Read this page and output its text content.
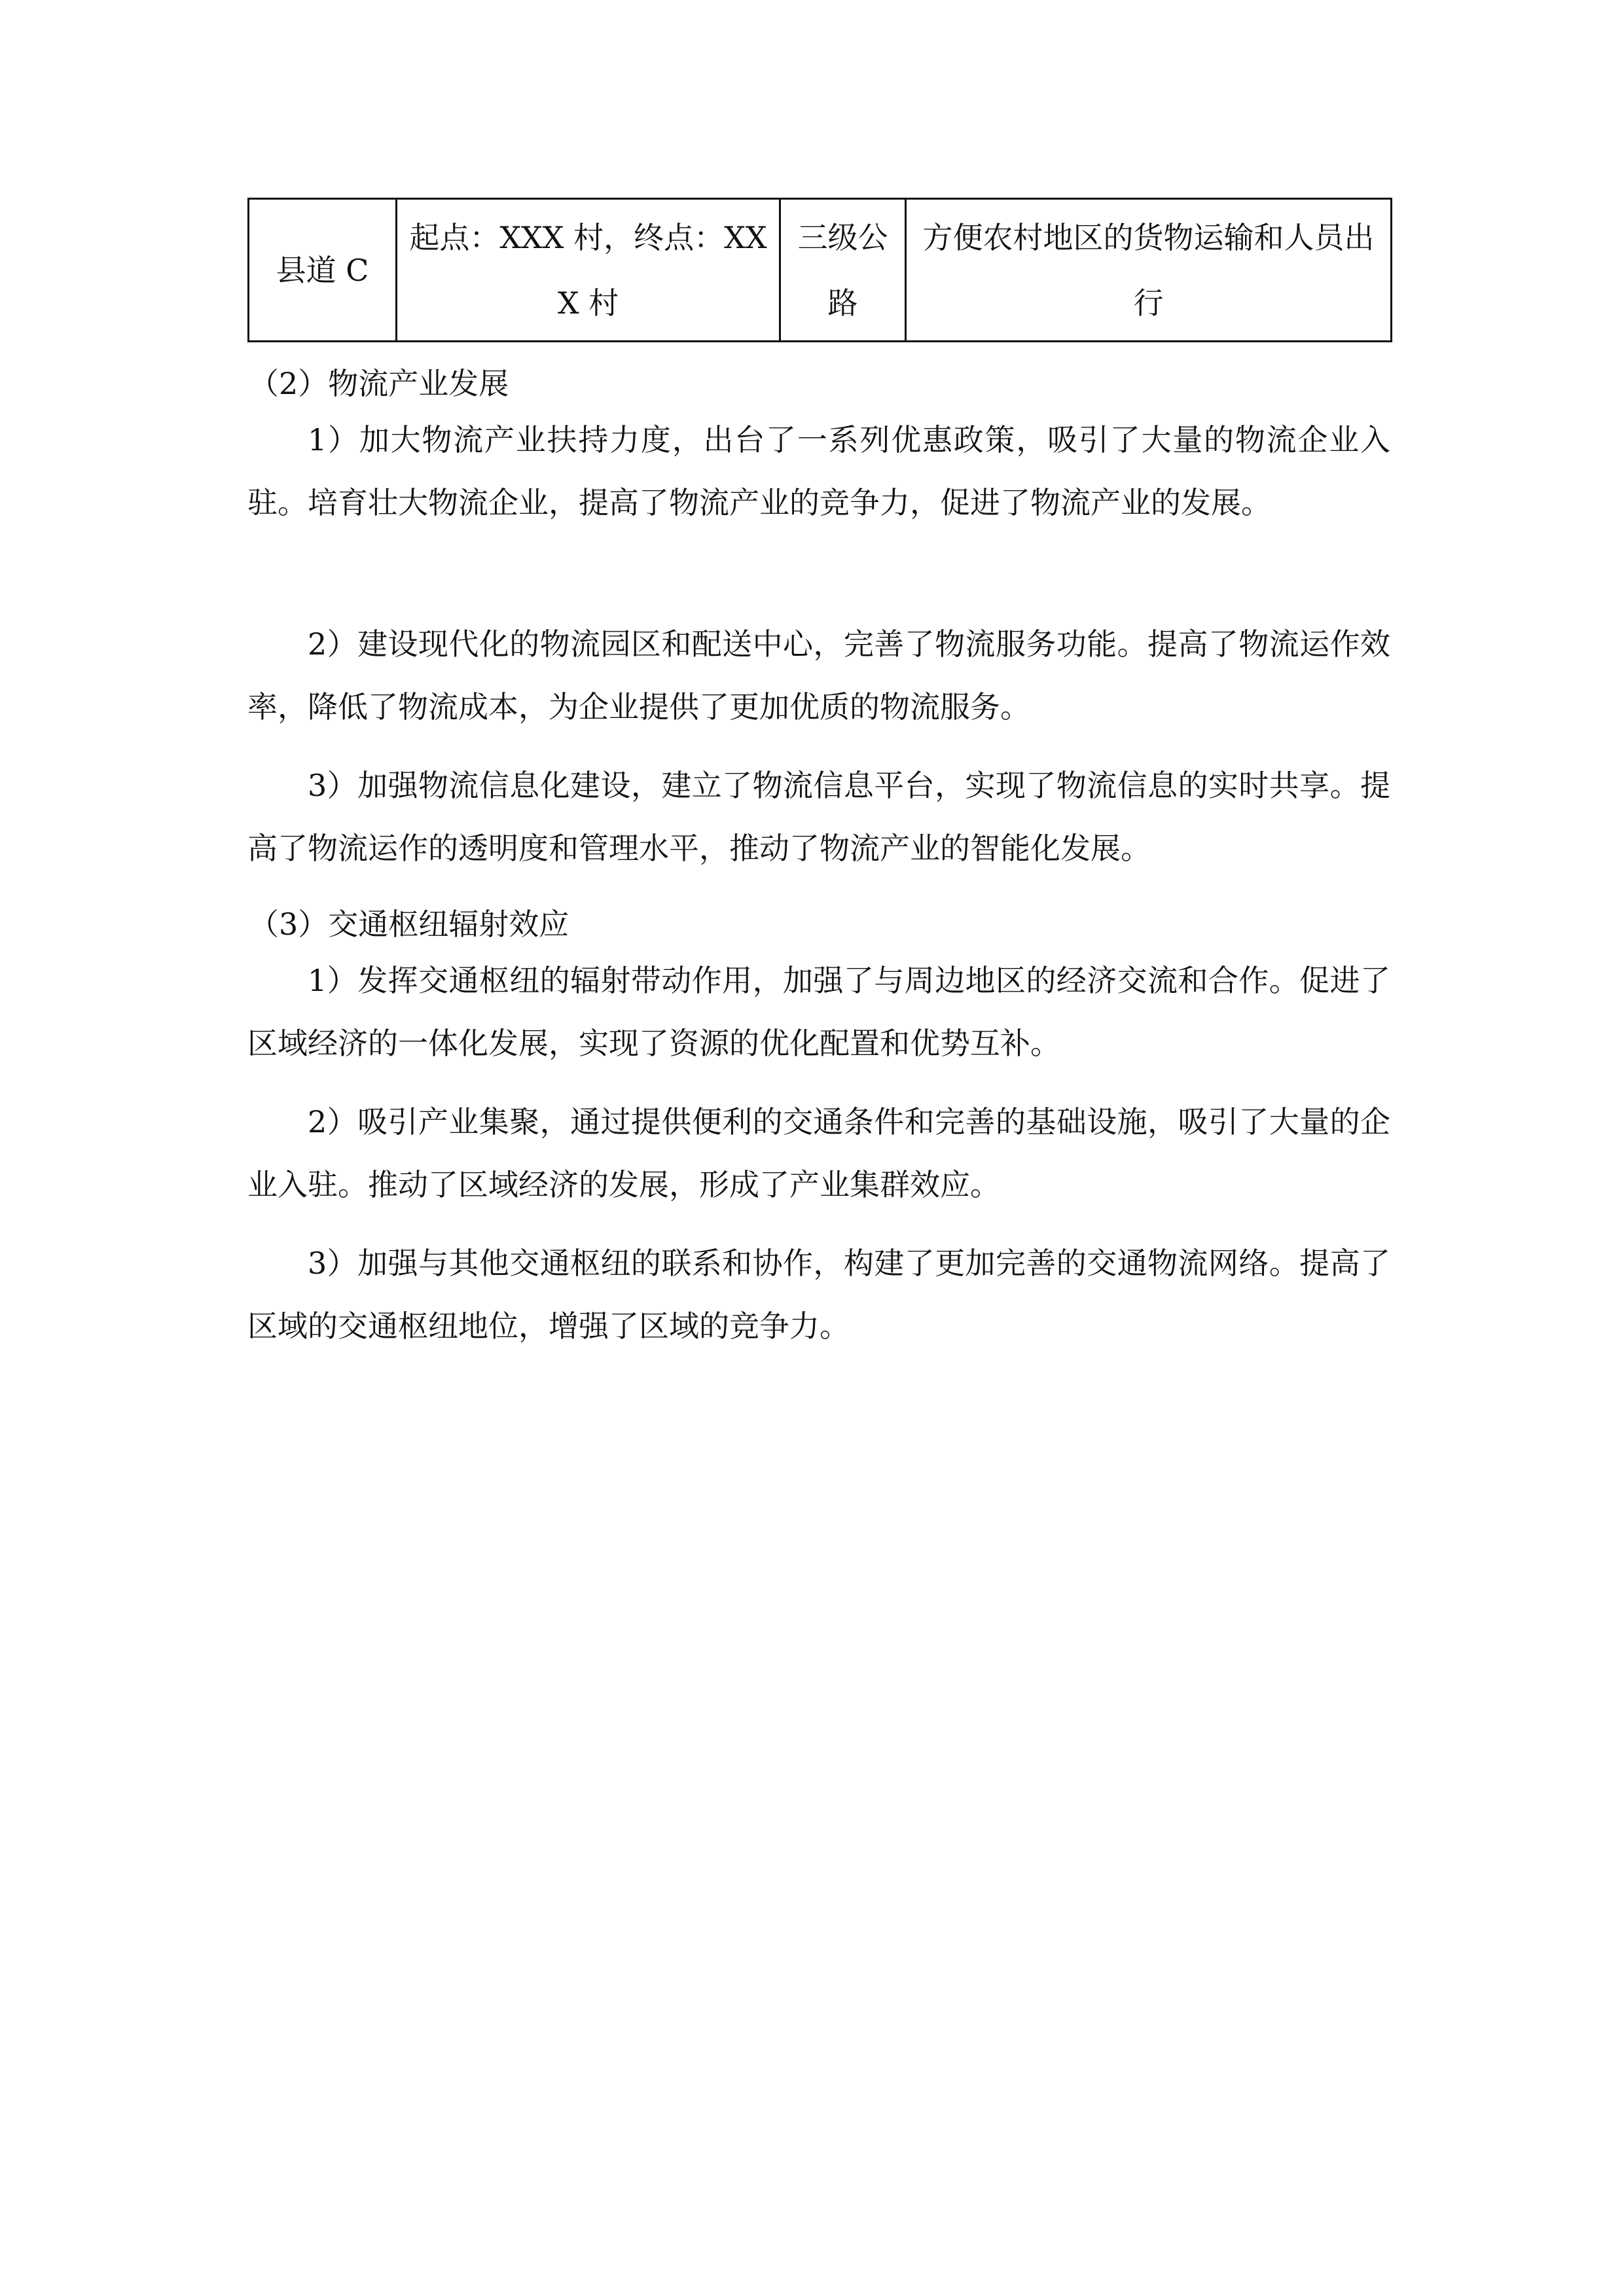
县道 C	起点：XXX 村，终点：XXX 村	三级公路	方便农村地区的货物运输和人员出行
（2）物流产业发展

1）加大物流产业扶持力度，出台了一系列优惠政策，吸引了大量的物流企业入驻。培育壮大物流企业，提高了物流产业的竞争力，促进了物流产业的发展。

2）建设现代化的物流园区和配送中心，完善了物流服务功能。提高了物流运作效率，降低了物流成本，为企业提供了更加优质的物流服务。

3）加强物流信息化建设，建立了物流信息平台，实现了物流信息的实时共享。提高了物流运作的透明度和管理水平，推动了物流产业的智能化发展。

（3）交通枢纽辐射效应

1）发挥交通枢纽的辐射带动作用，加强了与周边地区的经济交流和合作。促进了区域经济的一体化发展，实现了资源的优化配置和优势互补。

2）吸引产业集聚，通过提供便利的交通条件和完善的基础设施，吸引了大量的企业入驻。推动了区域经济的发展，形成了产业集群效应。

3）加强与其他交通枢纽的联系和协作，构建了更加完善的交通物流网络。提高了区域的交通枢纽地位，增强了区域的竞争力。
